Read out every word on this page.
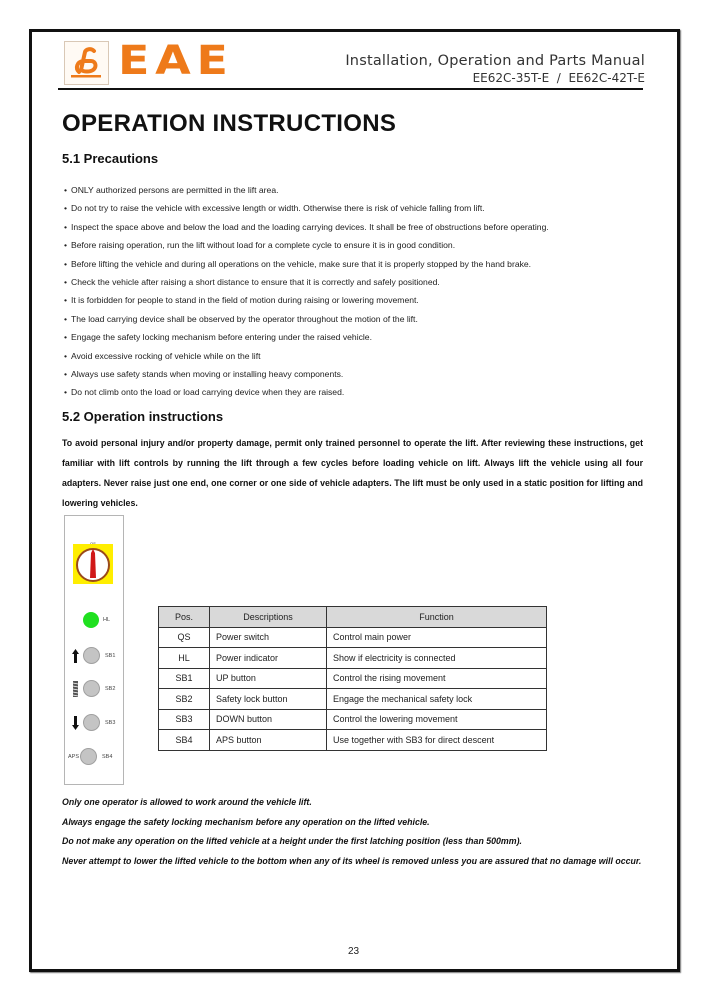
EAE	Installation, Operation and Parts Manual
EE62C-35T-E  /  EE62C-42T-E
OPERATION INSTRUCTIONS
5.1 Precautions
• ONLY authorized persons are permitted in the lift area.
• Do not try to raise the vehicle with excessive length or width. Otherwise there is risk of vehicle falling from lift.
• Inspect the space above and below the load and the loading carrying devices. It shall be free of obstructions before operating.
• Before raising operation, run the lift without load for a complete cycle to ensure it is in good condition.
• Before lifting the vehicle and during all operations on the vehicle, make sure that it is properly stopped by the hand brake.
• Check the vehicle after raising a short distance to ensure that it is correctly and safely positioned.
• It is forbidden for people to stand in the field of motion during raising or lowering movement.
• The load carrying device shall be observed by the operator throughout the motion of the lift.
• Engage the safety locking mechanism before entering under the raised vehicle.
• Avoid excessive rocking of vehicle while on the lift
• Always use safety stands when moving or installing heavy components.
• Do not climb onto the load or load carrying device when they are raised.
5.2 Operation instructions

To avoid personal injury and/or property damage, permit only trained personnel to operate the lift. After reviewing these instructions, get familiar with lift controls by running the lift through a few cycles before loading vehicle on lift. Always lift the vehicle using all four adapters. Never raise just one end, one corner or one side of vehicle adapters. The lift must be only used in a static position for lifting and lowering vehicles.

HL
SB1
SB2
SB3
APS	SB4
Pos.	Descriptions	Function
QS	Power switch	Control main power
HL	Power indicator	Show if electricity is connected
SB1	UP button	Control the rising movement
SB2	Safety lock button	Engage the mechanical safety lock
SB3	DOWN button	Control the lowering movement
SB4	APS button	Use together with SB3 for direct descent

Only one operator is allowed to work around the vehicle lift.

Always engage the safety locking mechanism before any operation on the lifted vehicle.

Do not make any operation on the lifted vehicle at a height under the first latching position (less than 500mm).

Never attempt to lower the lifted vehicle to the bottom when any of its wheel is removed unless you are assured that no damage will occur.

23
